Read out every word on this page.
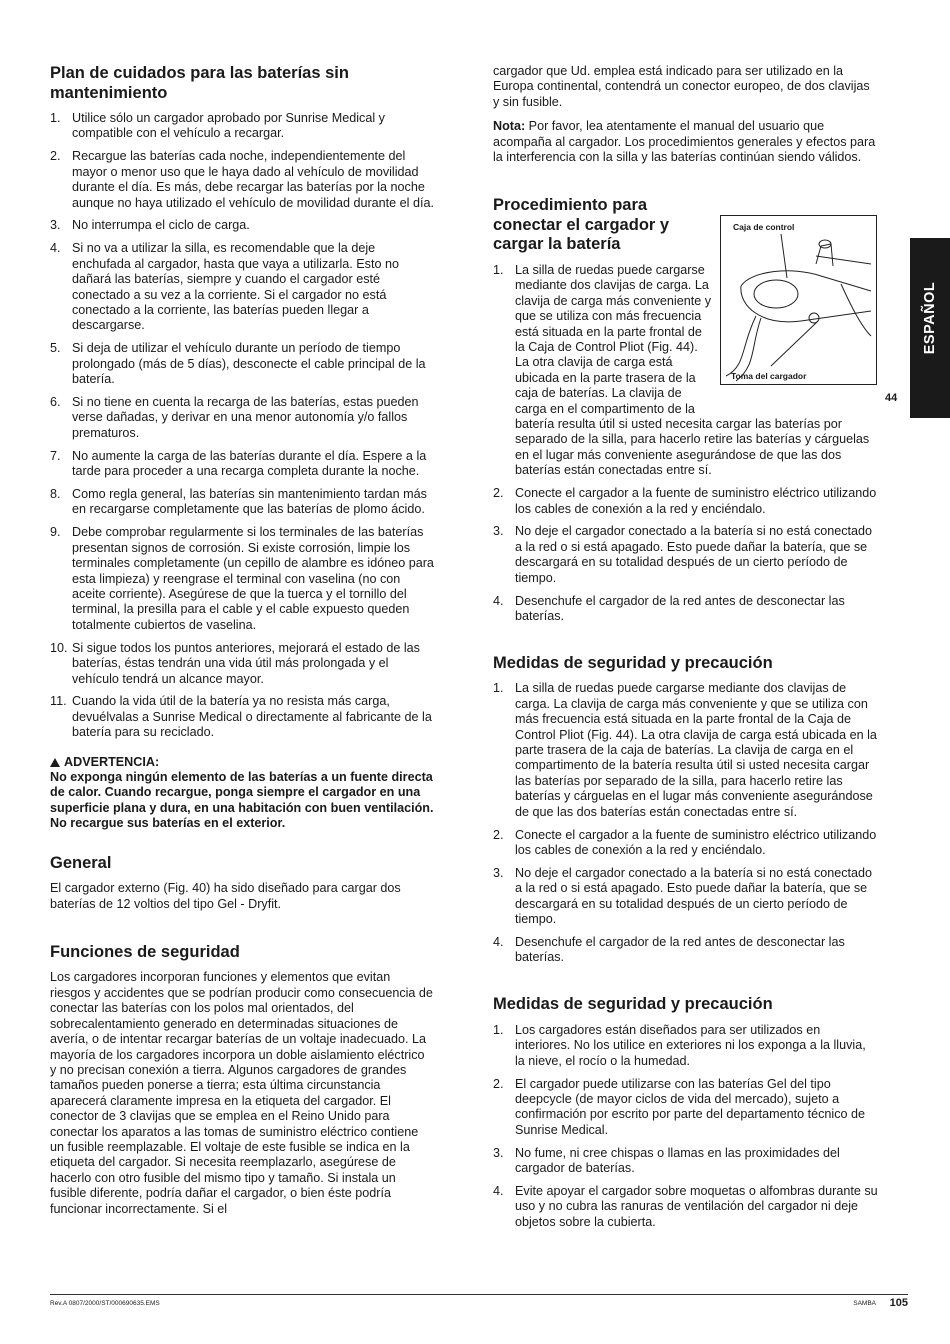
Plan de cuidados para las baterías sin mantenimiento
1. Utilice sólo un cargador aprobado por Sunrise Medical y compatible con el vehículo a recargar.
2. Recargue las baterías cada noche, independientemente del mayor o menor uso que le haya dado al vehículo de movilidad durante el día. Es más, debe recargar las baterías por la noche aunque no haya utilizado el vehículo de movilidad durante el día.
3. No interrumpa el ciclo de carga.
4. Si no va a utilizar la silla, es recomendable que la deje enchufada al cargador, hasta que vaya a utilizarla. Esto no dañará las baterías, siempre y cuando el cargador esté conectado a su vez a la corriente. Si el cargador no está conectado a la corriente, las baterías pueden llegar a descargarse.
5. Si deja de utilizar el vehículo durante un período de tiempo prolongado (más de 5 días), desconecte el cable principal de la batería.
6. Si no tiene en cuenta la recarga de las baterías, estas pueden verse dañadas, y derivar en una menor autonomía y/o fallos prematuros.
7. No aumente la carga de las baterías durante el día. Espere a la tarde para proceder a una recarga completa durante la noche.
8. Como regla general, las baterías sin mantenimiento tardan más en recargarse completamente que las baterías de plomo ácido.
9. Debe comprobar regularmente si los terminales de las baterías presentan signos de corrosión. Si existe corrosión, limpie los terminales completamente (un cepillo de alambre es idóneo para esta limpieza) y reengrase el terminal con vaselina (no con aceite corriente). Asegúrese de que la tuerca y el tornillo del terminal, la presilla para el cable y el cable expuesto queden totalmente cubiertos de vaselina.
10. Si sigue todos los puntos anteriores, mejorará el estado de las baterías, éstas tendrán una vida útil más prolongada y el vehículo tendrá un alcance mayor.
11. Cuando la vida útil de la batería ya no resista más carga, devuélvalas a Sunrise Medical o directamente al fabricante de la batería para su reciclado.
ADVERTENCIA:
No exponga ningún elemento de las baterías a un fuente directa de calor. Cuando recargue, ponga siempre el cargador en una superficie plana y dura, en una habitación con buen ventilación. No recargue sus baterías en el exterior.
General

El cargador externo (Fig. 40) ha sido diseñado para cargar dos baterías de 12 voltios del tipo Gel - Dryfit.

Funciones de seguridad

Los cargadores incorporan funciones y elementos que evitan riesgos y accidentes que se podrían producir como consecuencia de conectar las baterías con los polos mal orientados, del sobrecalentamiento generado en determinadas situaciones de avería, o de intentar recargar baterías de un voltaje inadecuado. La mayoría de los cargadores incorpora un doble aislamiento eléctrico y no precisan conexión a tierra. Algunos cargadores de grandes tamaños pueden ponerse a tierra; esta última circunstancia aparecerá claramente impresa en la etiqueta del cargador. El conector de 3 clavijas que se emplea en el Reino Unido para conectar los aparatos a las tomas de suministro eléctrico contiene un fusible reemplazable. El voltaje de este fusible se indica en la etiqueta del cargador. Si necesita reemplazarlo, asegúrese de hacerlo con otro fusible del mismo tipo y tamaño. Si instala un fusible diferente, podría dañar el cargador, o bien éste podría funcionar incorrectamente. Si el

cargador que Ud. emplea está indicado para ser utilizado en la Europa continental, contendrá un conector europeo, de dos clavijas y sin fusible.

Nota: Por favor, lea atentamente el manual del usuario que acompaña al cargador. Los procedimientos generales y efectos para la interferencia con la silla y las baterías continúan siendo válidos.

Procedimiento para conectar el cargador y cargar la batería
1. La silla de ruedas puede cargarse mediante dos clavijas de carga. La clavija de carga más conveniente y que se utiliza con más frecuencia está situada en la parte frontal de la Caja de Control Pliot (Fig. 44). La otra clavija de carga está ubicada en la parte trasera de la caja de baterías. La clavija de carga en el compartimento de la batería resulta útil si usted necesita cargar las baterías por separado de la silla, para hacerlo retire las baterías y cárguelas en el lugar más conveniente asegurándose de que las dos baterías están conectadas entre sí.
2. Conecte el cargador a la fuente de suministro eléctrico utilizando los cables de conexión a la red y enciéndalo.
3. No deje el cargador conectado a la batería si no está conectado a la red o si está apagado. Esto puede dañar la batería, que se descargará en su totalidad después de un cierto período de tiempo.
4. Desenchufe el cargador de la red antes de desconectar las baterías.
Medidas de seguridad y precaución
1. La silla de ruedas puede cargarse mediante dos clavijas de carga. La clavija de carga más conveniente y que se utiliza con más frecuencia está situada en la parte frontal de la Caja de Control Pliot (Fig. 44). La otra clavija de carga está ubicada en la parte trasera de la caja de baterías. La clavija de carga en el compartimento de la batería resulta útil si usted necesita cargar las baterías por separado de la silla, para hacerlo retire las baterías y cárguelas en el lugar más conveniente asegurándose de que las dos baterías están conectadas entre sí.
2. Conecte el cargador a la fuente de suministro eléctrico utilizando los cables de conexión a la red y enciéndalo.
3. No deje el cargador conectado a la batería si no está conectado a la red o si está apagado. Esto puede dañar la batería, que se descargará en su totalidad después de un cierto período de tiempo.
4. Desenchufe el cargador de la red antes de desconectar las baterías.
Medidas de seguridad y precaución
1. Los cargadores están diseñados para ser utilizados en interiores. No los utilice en exteriores ni los exponga a la lluvia, la nieve, el rocío o la humedad.
2. El cargador puede utilizarse con las baterías Gel del tipo deepcycle (de mayor ciclos de vida del mercado), sujeto a confirmación por escrito por parte del departamento técnico de Sunrise Medical.
3. No fume, ni cree chispas o llamas en las proximidades del cargador de baterías.
4. Evite apoyar el cargador sobre moquetas o alfombras durante su uso y no cubra las ranuras de ventilación del cargador ni deje objetos sobre la cubierta.
Caja de control
Toma del cargador
44
ESPAÑOL
Rev.A 0807/2000/ST/000690635.EMS	SAMBA 105
